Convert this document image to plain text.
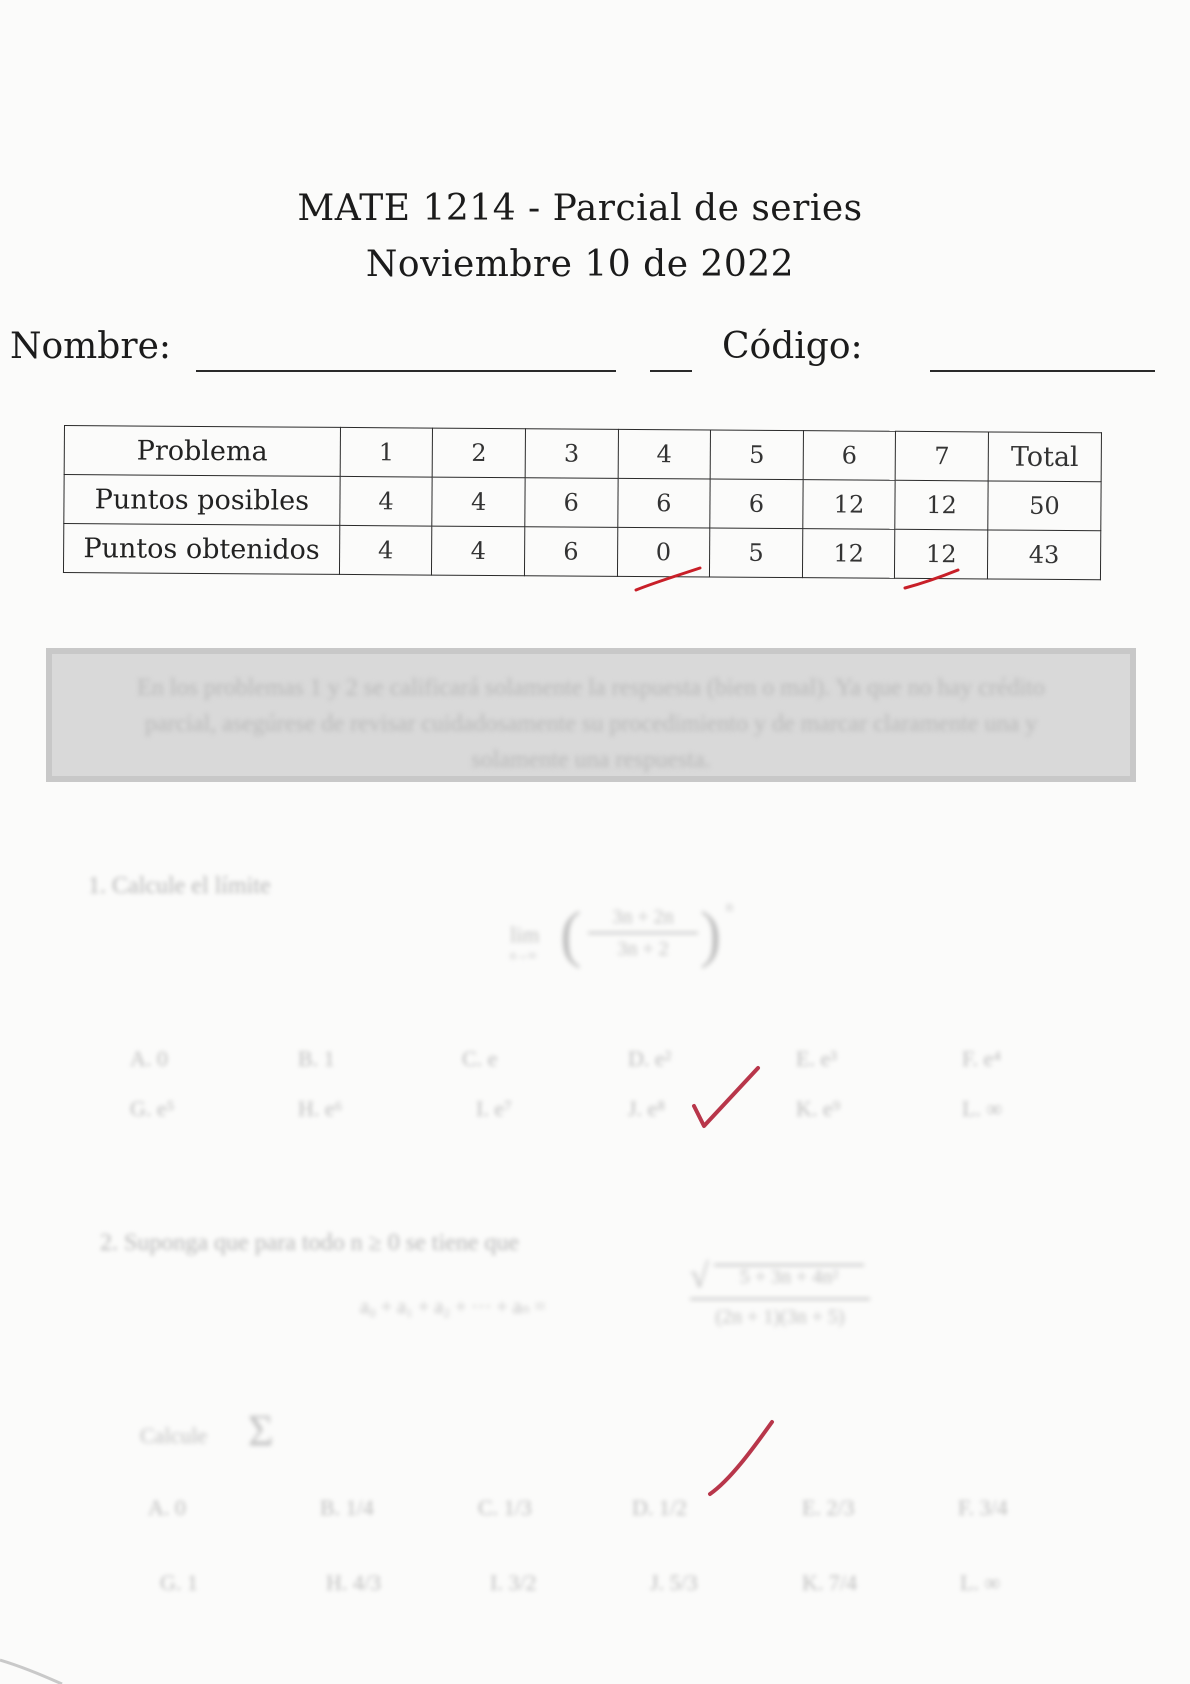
MATE 1214 - Parcial de series
Noviembre 10 de 2022
Nombre:	Código:
Problema	1	2	3	4	5	6	7	Total
Puntos posibles	4	4	6	6	6	12	12	50
Puntos obtenidos	4	4	6	0	5	12	12	43
En los problemas 1 y 2 se calificará solamente la respuesta (bien o mal). Ya que no hay crédito parcial, asegúrese de revisar cuidadosamente su procedimiento y de marcar claramente una y solamente una respuesta.
1. Calcule el límite
lim
n→∞ (	3n + 2n
3n + 2 ) n
A. 0	B. 1	C. e	D. e²	E. e³	F. e⁴
G. e⁵	H. e⁶	I. e⁷	J. e⁸	K. e⁹	L. ∞
2. Suponga que para todo n ≥ 0 se tiene que
a₀ + a₁ + a₂ + ··· + aₙ =
√	5 + 3n + 4n²
(2n + 1)(3n + 5)
Calcule Σ
A. 0	B. 1/4	C. 1/3	D. 1/2	E. 2/3	F. 3/4
G. 1	H. 4/3	I. 3/2	J. 5/3	K. 7/4	L. ∞
